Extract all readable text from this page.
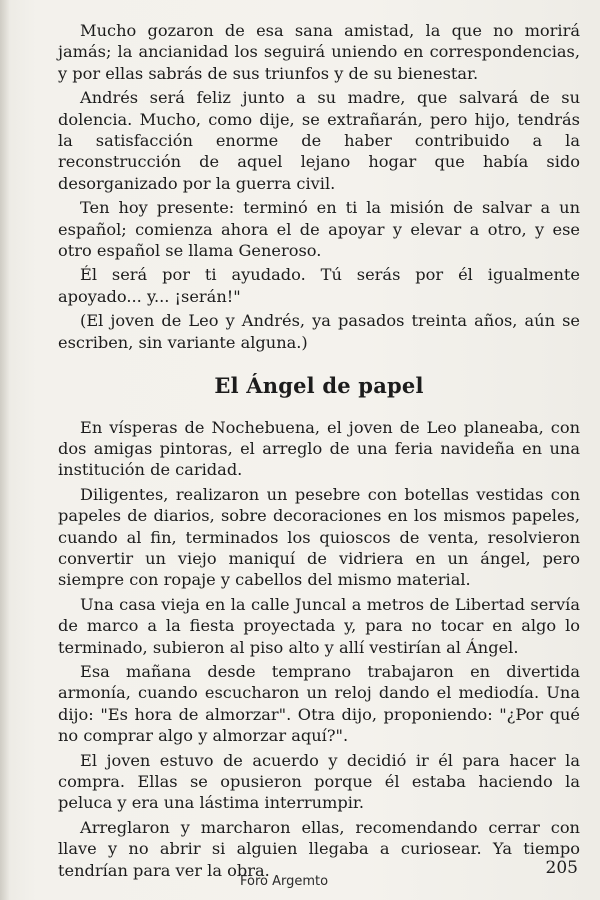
Mucho gozaron de esa sana amistad, la que no morirá jamás; la ancianidad los seguirá uniendo en correspondencias, y por ellas sabrás de sus triunfos y de su bienestar.

Andrés será feliz junto a su madre, que salvará de su dolencia. Mucho, como dije, se extrañarán, pero hijo, tendrás la satisfacción enorme de haber contribuido a la reconstrucción de aquel lejano hogar que había sido desorganizado por la guerra civil.

Ten hoy presente: terminó en ti la misión de salvar a un español; comienza ahora el de apoyar y elevar a otro, y ese otro español se llama Generoso.

Él será por ti ayudado. Tú serás por él igualmente apoyado... y... ¡serán!"

(El joven de Leo y Andrés, ya pasados treinta años, aún se escriben, sin variante alguna.)

El Ángel de papel

En vísperas de Nochebuena, el joven de Leo planeaba, con dos amigas pintoras, el arreglo de una feria navideña en una institución de caridad.

Diligentes, realizaron un pesebre con botellas vestidas con papeles de diarios, sobre decoraciones en los mismos papeles, cuando al fin, terminados los quioscos de venta, resolvieron convertir un viejo maniquí de vidriera en un ángel, pero siempre con ropaje y cabellos del mismo material.

Una casa vieja en la calle Juncal a metros de Libertad servía de marco a la fiesta proyectada y, para no tocar en algo lo terminado, subieron al piso alto y allí vestirían al Ángel.

Esa mañana desde temprano trabajaron en divertida armonía, cuando escucharon un reloj dando el mediodía. Una dijo: "Es hora de almorzar". Otra dijo, proponiendo: "¿Por qué no comprar algo y almorzar aquí?".

El joven estuvo de acuerdo y decidió ir él para hacer la compra. Ellas se opusieron porque él estaba haciendo la peluca y era una lástima interrumpir.

Arreglaron y marcharon ellas, recomendando cerrar con llave y no abrir si alguien llegaba a curiosear. Ya tiempo tendrían para ver la obra.

Foro Argemto
205
